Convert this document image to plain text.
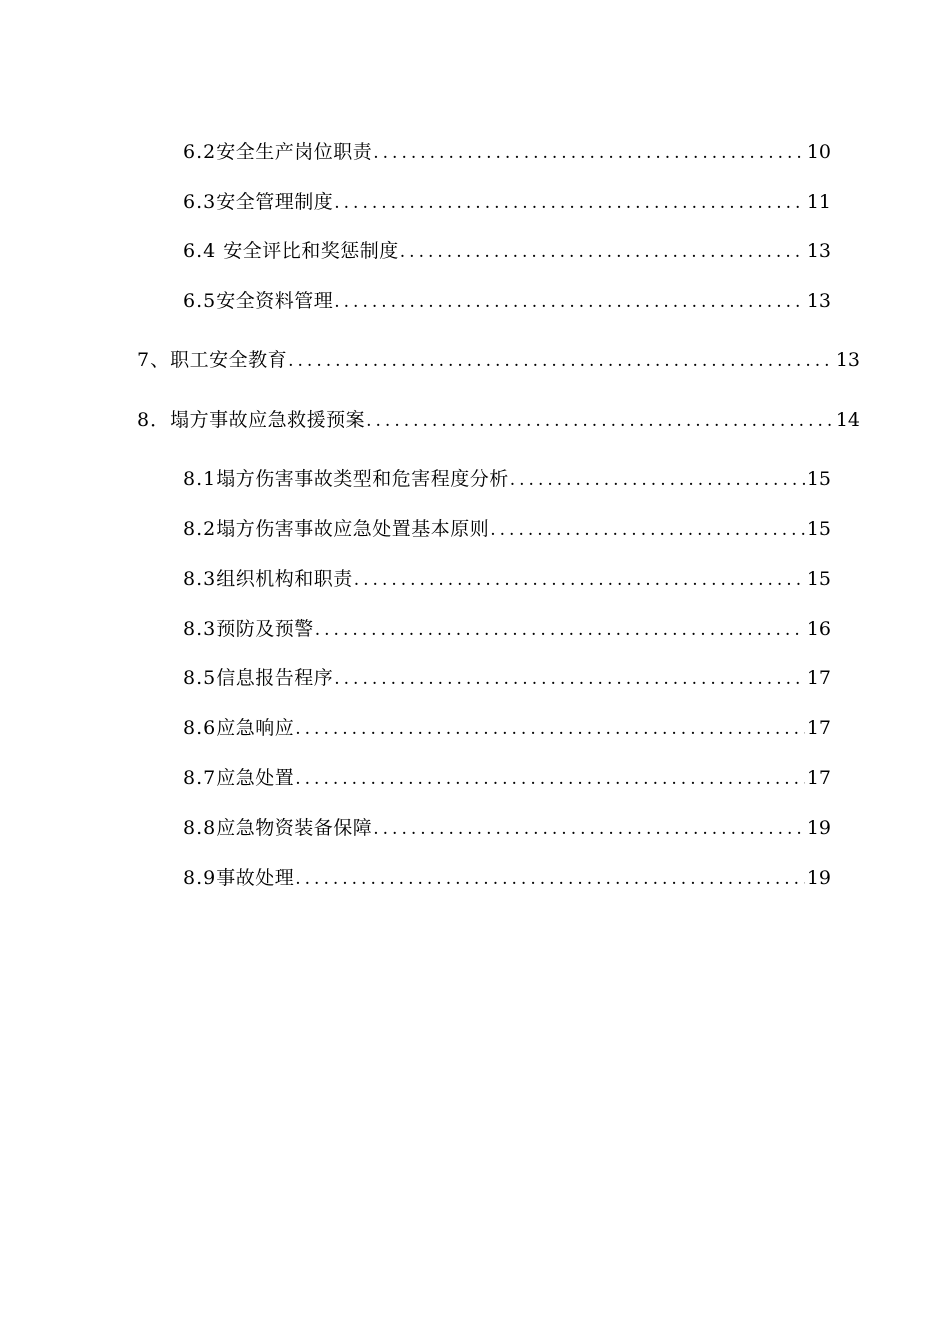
6.2 安全生产岗位职责 .....	10
6.3 安全管理制度 .....	11
6.4 安全评比和奖惩制度 .....	13
6.5 安全资料管理 .....	13
7、 职工安全教育 .....	13
8． 塌方事故应急救援预案 .....	14
8.1 塌方伤害事故类型和危害程度分析 .....	15
8.2 塌方伤害事故应急处置基本原则 .....	15
8.3 组织机构和职责 .....	15
8.3 预防及预警 .....	16
8.5 信息报告程序 .....	17
8.6 应急响应 .....	17
8.7 应急处置 .....	17
8.8 应急物资装备保障 .....	19
8.9 事故处理 .....	19
